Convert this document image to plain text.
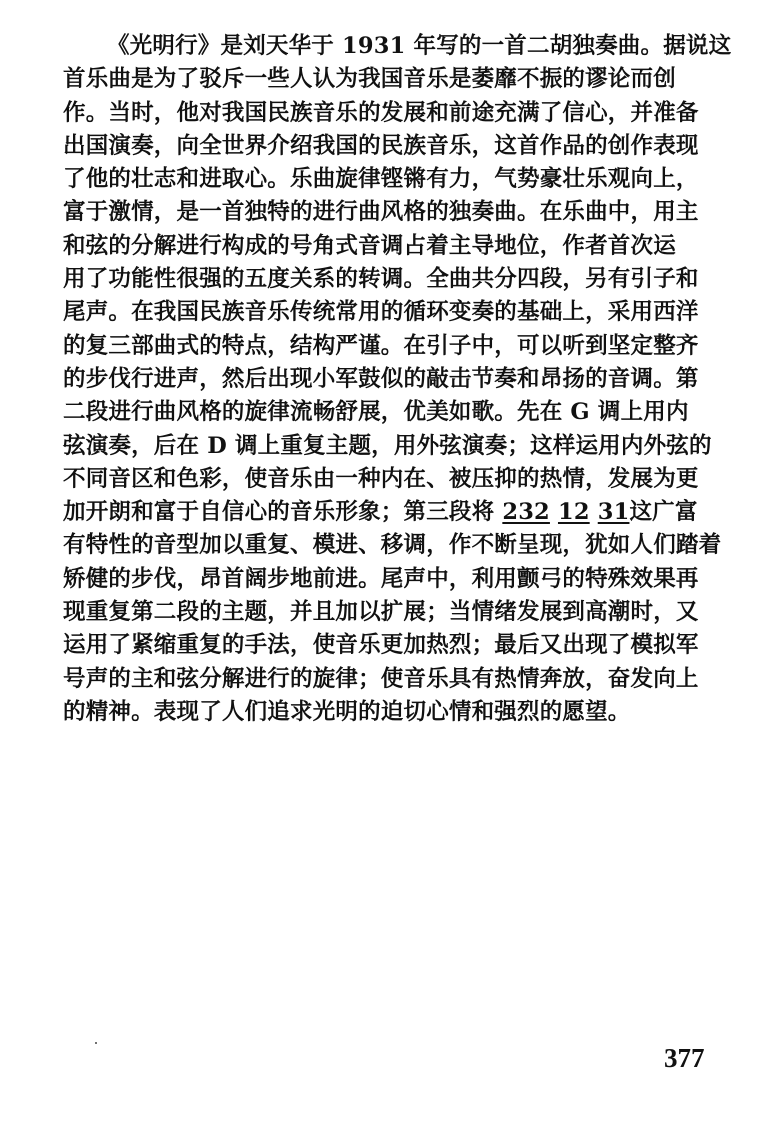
《光明行》是刘天华于 1931 年写的一首二胡独奏曲。据说这
首乐曲是为了驳斥一些人认为我国音乐是萎靡不振的谬论而创
作。当时，他对我国民族音乐的发展和前途充满了信心，并准备
出国演奏，向全世界介绍我国的民族音乐，这首作品的创作表现
了他的壮志和进取心。乐曲旋律铿锵有力，气势豪壮乐观向上，
富于激情，是一首独特的进行曲风格的独奏曲。在乐曲中，用主
和弦的分解进行构成的号角式音调占着主导地位，作者首次运
用了功能性很强的五度关系的转调。全曲共分四段，另有引子和
尾声。在我国民族音乐传统常用的循环变奏的基础上，采用西洋
的复三部曲式的特点，结构严谨。在引子中，可以听到坚定整齐
的步伐行进声，然后出现小军鼓似的敲击节奏和昂扬的音调。第
二段进行曲风格的旋律流畅舒展，优美如歌。先在 G 调上用内
弦演奏，后在 D 调上重复主题，用外弦演奏；这样运用内外弦的
不同音区和色彩，使音乐由一种内在、被压抑的热情，发展为更
加开朗和富于自信心的音乐形象；第三段将 232 12 31这广富
有特性的音型加以重复、模进、移调，作不断呈现，犹如人们踏着
矫健的步伐，昂首阔步地前进。尾声中，利用颤弓的特殊效果再
现重复第二段的主题，并且加以扩展；当情绪发展到高潮时，又
运用了紧缩重复的手法，使音乐更加热烈；最后又出现了模拟军
号声的主和弦分解进行的旋律；使音乐具有热情奔放，奋发向上
的精神。表现了人们追求光明的迫切心情和强烈的愿望。
377
